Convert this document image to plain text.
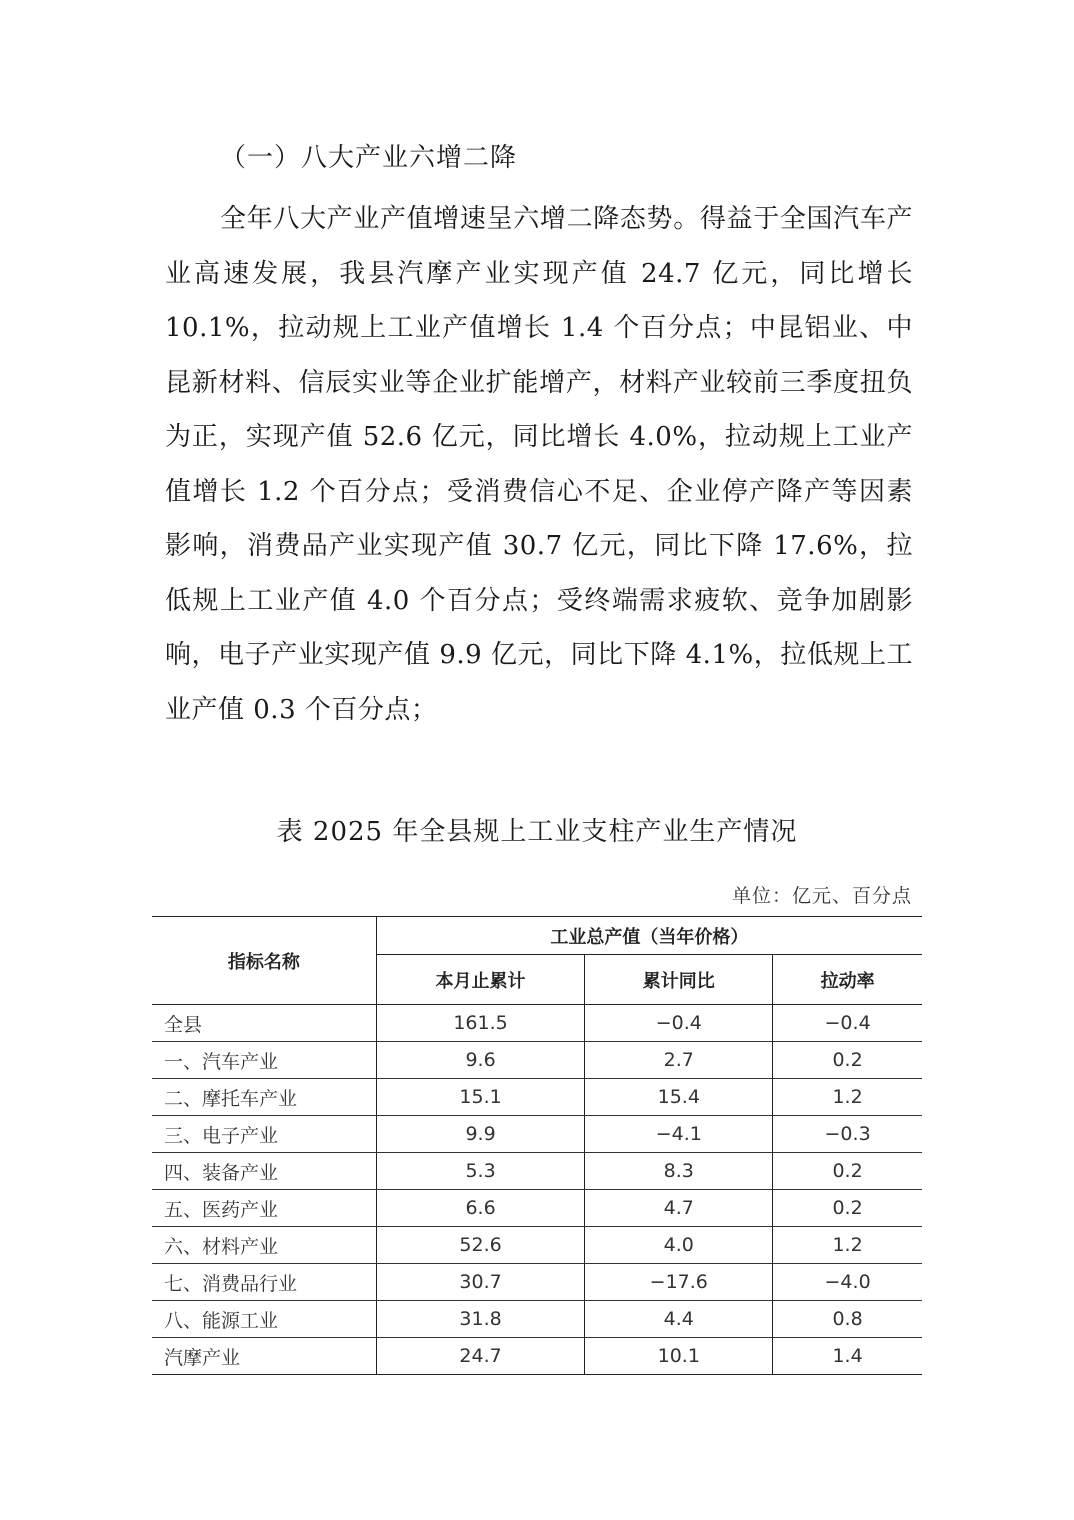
（一）八大产业六增二降
全年八大产业产值增速呈六增二降态势。得益于全国汽车产业高速发展，我县汽摩产业实现产值 24.7 亿元，同比增长 10.1%，拉动规上工业产值增长 1.4 个百分点；中昆铝业、中昆新材料、信辰实业等企业扩能增产，材料产业较前三季度扭负为正，实现产值 52.6 亿元，同比增长 4.0%，拉动规上工业产值增长 1.2 个百分点；受消费信心不足、企业停产降产等因素影响，消费品产业实现产值 30.7 亿元，同比下降 17.6%，拉低规上工业产值 4.0 个百分点；受终端需求疲软、竞争加剧影响，电子产业实现产值 9.9 亿元，同比下降 4.1%，拉低规上工业产值 0.3 个百分点；
表 2025 年全县规上工业支柱产业生产情况
单位：亿元、百分点
指标名称	工业总产值（当年价格）		
	本月止累计	累计同比	拉动率
全县	161.5	−0.4	−0.4
一、汽车产业	9.6	2.7	0.2
二、摩托车产业	15.1	15.4	1.2
三、电子产业	9.9	−4.1	−0.3
四、装备产业	5.3	8.3	0.2
五、医药产业	6.6	4.7	0.2
六、材料产业	52.6	4.0	1.2
七、消费品行业	30.7	−17.6	−4.0
八、能源工业	31.8	4.4	0.8
汽摩产业	24.7	10.1	1.4
